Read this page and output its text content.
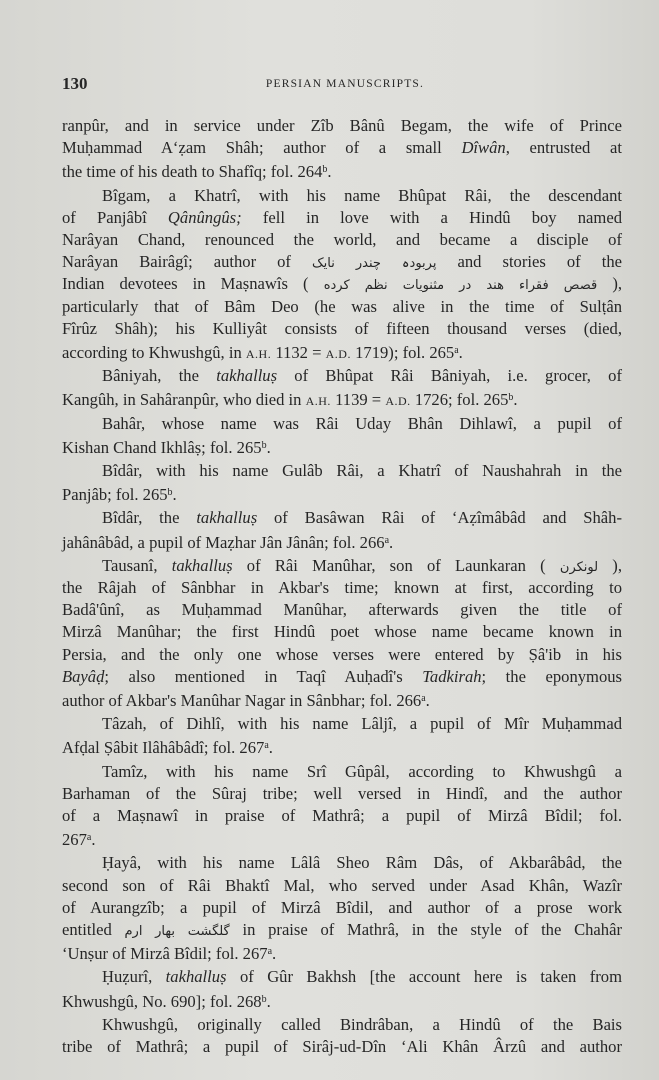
130	PERSIAN MANUSCRIPTS.
ranpûr, and in service under Zîb Bânû Begam, the wife of Prince
Muḥammad A‘ẓam Shâh; author of a small Dîwân, entrusted at
the time of his death to Shafîq; fol. 264$^b$.
Bîgam, a Khatrî, with his name Bhûpat Râi, the descendant
of Panjâbî Qânûngûs; fell in love with a Hindû boy named
Narâyan Chand, renounced the world, and became a disciple of
Narâyan Bairâgî; author of پربودہ چندر نایک and stories of the
Indian devotees in Maṣnawîs ( قصص فقراء هند در مثنویات نظم کرده ),
particularly that of Bâm Deo (he was alive in the time of Sulṭân
Fîrûz Shâh); his Kulliyât consists of fifteen thousand verses (died,
according to Khwushgû, in A.H. 1132 = A.D. 1719); fol. 265$^a$.
Bâniyah, the takhalluṣ of Bhûpat Râi Bâniyah, i.e. grocer, of
Kangûh, in Sahâranpûr, who died in A.H. 1139 = A.D. 1726; fol. 265$^b$.
Bahâr, whose name was Râi Uday Bhân Dihlawî, a pupil of
Kishan Chand Ikhlâṣ; fol. 265$^b$.
Bîdâr, with his name Gulâb Râi, a Khatrî of Naushahrah in the
Panjâb; fol. 265$^b$.
Bîdâr, the takhalluṣ of Basâwan Râi of ‘Aẓîmâbâd and Shâh-
jahânâbâd, a pupil of Maẓhar Jân Jânân; fol. 266$^a$.
Tausanî, takhalluṣ of Râi Manûhar, son of Launkaran ( لونکرن ),
the Râjah of Sânbhar in Akbar's time; known at first, according to
Badâ'ûnî, as Muḥammad Manûhar, afterwards given the title of
Mirzâ Manûhar; the first Hindû poet whose name became known in
Persia, and the only one whose verses were entered by Ṣâ'ib in his
Bayâḍ; also mentioned in Taqî Auḥadî's Tadkirah; the eponymous
author of Akbar's Manûhar Nagar in Sânbhar; fol. 266$^a$.
Tâzah, of Dihlî, with his name Lâljî, a pupil of Mîr Muḥammad
Afḍal Ṣâbit Ilâhâbâdî; fol. 267$^a$.
Tamîz, with his name Srî Gûpâl, according to Khwushgû a
Barhaman of the Sûraj tribe; well versed in Hindî, and the author
of a Maṣnawî in praise of Mathrâ; a pupil of Mirzâ Bîdil; fol.
267$^a$.
Ḥayâ, with his name Lâlâ Sheo Râm Dâs, of Akbarâbâd, the
second son of Râi Bhaktî Mal, who served under Asad Khân, Wazîr
of Aurangzîb; a pupil of Mirzâ Bîdil, and author of a prose work
entitled گلگشت بهار ارم in praise of Mathrâ, in the style of the Chahâr
‘Unṣur of Mirzâ Bîdil; fol. 267$^a$.
Ḥuẓurî, takhalluṣ of Gûr Bakhsh [the account here is taken from
Khwushgû, No. 690]; fol. 268$^b$.
Khwushgû, originally called Bindrâban, a Hindû of the Bais
tribe of Mathrâ; a pupil of Sirâj-ud-Dîn ‘Ali Khân Ârzû and author
